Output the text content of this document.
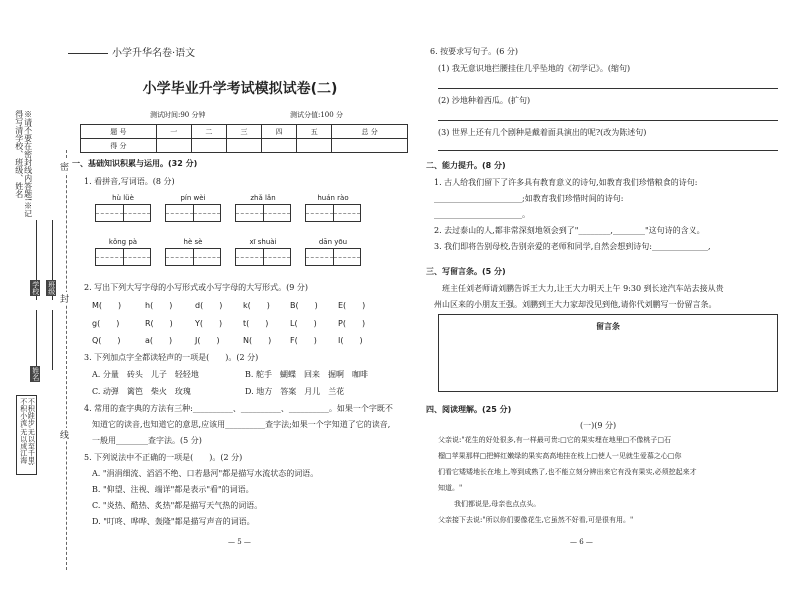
小学升华名卷·语文
小学毕业升学考试模拟试卷(二)
测试时间:90 分钟	测试分值:100 分
题 号	一	二	三	四	五	总 分
得 分						
※请不要在密封线内答题!※记得写清学校、班级、姓名
学校 班级
姓名
不积跬步,无以至千里;不积小流,无以成江海
密
封
线
一、基础知识积累与运用。(32 分)
1. 看拼音,写词语。(8 分)
hù lüè	pín wèi	zhǎ lǎn	huán rào
kǒng pà	hè sè	xī shuài	dān yōu
2. 写出下列大写字母的小写形式或小写字母的大写形式。(9 分)
M(　　)	h(　　)	d(　　)	k(　　)	B(　　)	E(　　)
g(　　)	R(　　)	Y(　　)	t(　　)	L(　　)	P(　　)
Q(　　)	a(　　)	J(　　)	N(　　) F(　　)	I(　　)
3. 下列加点字全都读轻声的一项是(　　)。(2 分)
A. 分量　砖头　儿子　轻轻地	B. 舵手　蝴蝶　回来　掘啊　咖啡
C. 动弹　篱笆　柴火　玫瑰	D. 地方　答案　月儿　兰花
4. 常用的查字典的方法有三种:__________、__________、__________。如果一个字既不
知道它的读音,也知道它的意思,应该用__________查字法;如果一个字知道了它的读音,
一般用________查字法。(5 分)
5. 下列说法中不正确的一项是(　　)。(2 分)
A. "涓涓细流、滔滔不绝、口若悬河"都是描写水流状态的词语。
B. "仰望、注视、端详"都是表示"看"的词语。
C. "炎热、酷热、炙热"都是描写天气热的词语。
D. "叮咚、哗哗、轰隆"都是描写声音的词语。
— 5 —
6. 按要求写句子。(6 分)
(1) 我无意识地拦腰挂住几乎坠地的《初学记》。(缩句)
(2) 沙地种着西瓜。(扩句)
(3) 世界上还有几个剧种是戴着面具演出的呢?(改为陈述句)
二、能力提升。(8 分)
1. 古人给我们留下了许多具有教育意义的诗句,如教育我们珍惜粮食的诗句:
______________________;如教育我们珍惜时间的诗句:
______________________。
2. 去过泰山的人,都非常深刻地领会到了"________,________"这句诗的含义。
3. 我们即将告别母校,告别亲爱的老师和同学,自然会想到诗句:______________,
三、写留言条。(5 分)
班主任刘老师请刘鹏告诉王大力,让王大力明天上午 9:30 到长途汽车站去接从贵
州山区来的小朋友王强。刘鹏到王大力家却没见到他,请你代刘鹏写一份留言条。
留言条
四、阅读理解。(25 分)
(一)(9 分)
父亲说:"花生的好处很多,有一样最可贵:□它的果实埋在地里□不像桃子□石
榴□苹果那样□把鲜红嫩绿的果实高高地挂在枝上□使人一见就生爱慕之心□你
们看它矮矮地长在地上,等到成熟了,也不能立刻分辨出来它有没有果实,必须挖起来才
知道。"
我们都说是,母亲也点点头。
父亲接下去说:"所以你们要像花生,它虽然不好看,可是很有用。"
— 6 —
